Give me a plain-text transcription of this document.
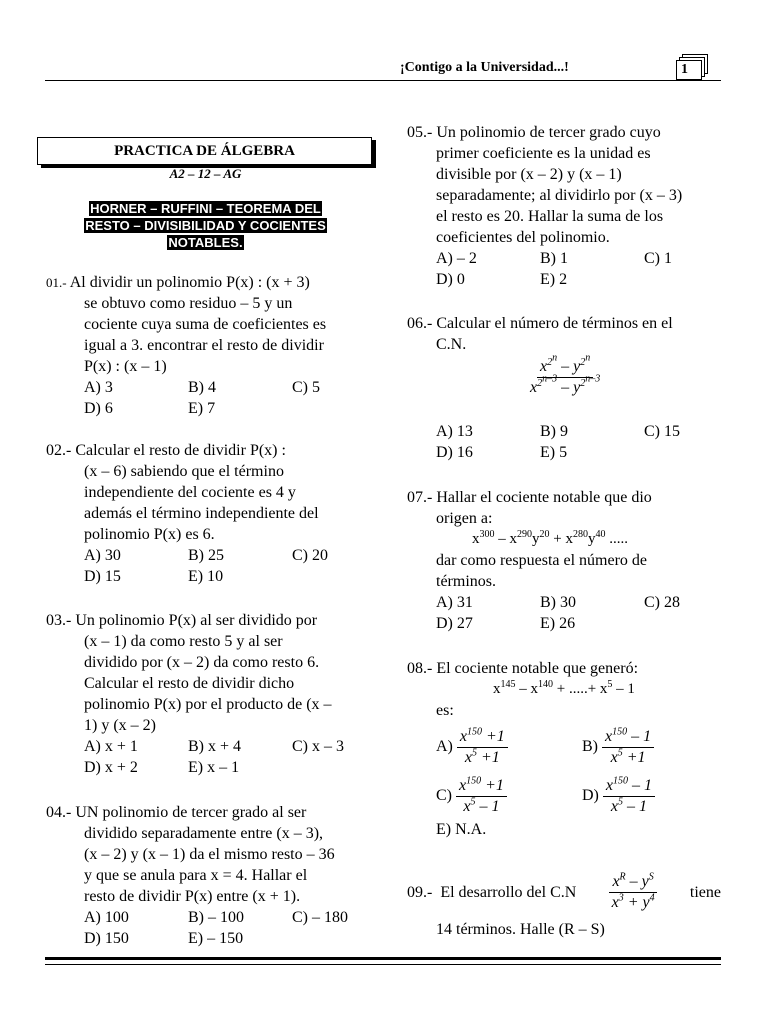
¡Contigo a la Universidad...!	1
PRACTICA DE ÁLGEBRA
A2 – 12 – AG
HORNER – RUFFINI – TEOREMA DEL
RESTO – DIVISIBILIDAD Y COCIENTES
NOTABLES.
01.- Al dividir un polinomio P(x) : (x + 3)
se obtuvo como residuo – 5 y un
cociente cuya suma de coeficientes es
igual a 3. encontrar el resto de dividir
P(x) : (x – 1)
A) 3	B) 4	C) 5
D) 6	E) 7
02.- Calcular el resto de dividir P(x) :
(x – 6) sabiendo que el término
independiente del cociente es 4 y
además el término independiente del
polinomio P(x) es 6.
A) 30	B) 25	C) 20
D) 15	E) 10
03.- Un polinomio P(x) al ser dividido por
(x – 1) da como resto 5 y al ser
dividido por (x – 2) da como resto 6.
Calcular el resto de dividir dicho
polinomio P(x) por el producto de (x –
1) y (x – 2)
A) x + 1	B) x + 4	C) x – 3
D) x + 2	E) x – 1
04.- UN polinomio de tercer grado al ser
dividido separadamente entre (x – 3),
(x – 2) y (x – 1) da el mismo resto – 36
y que se anula para x = 4. Hallar el
resto de dividir P(x) entre (x + 1).
A) 100	B) – 100	C) – 180
D) 150	E) – 150
05.- Un polinomio de tercer grado cuyo
primer coeficiente es la unidad es
divisible por (x – 2) y (x – 1)
separadamente; al dividirlo por (x – 3)
el resto es 20. Hallar la suma de los
coeficientes del polinomio.
A) – 2	B) 1	C) 1
D) 0	E) 2
06.- Calcular el número de términos en el
C.N.
$\frac{x^{2^n} - y^{2^n}}{x^{2^{n-3}} - y^{2^{n-3}}}$
A) 13	B) 9	C) 15
D) 16	E) 5
07.- Hallar el cociente notable que dio
origen a:
$x^{300} - x^{290}y^{20} + x^{280}y^{40}$ .....
dar como respuesta el número de
términos.
A) 31	B) 30	C) 28
D) 27	E) 26
08.- El cociente notable que generó:
$x^{145} - x^{140}$ + .....+ $x^5 - 1$
es:
$A) \frac{x^{150} +1}{x^5 +1}$	$B) \frac{x^{150} - 1}{x^5 +1}$
$C) \frac{x^{150} +1}{x^5 - 1}$	$D) \frac{x^{150} - 1}{x^5 - 1}$
E) N.A.
09.- El desarrollo del $C.N \frac{x^R - y^S}{x^3 + y^4}$ tiene
14 términos. Halle (R – S)
